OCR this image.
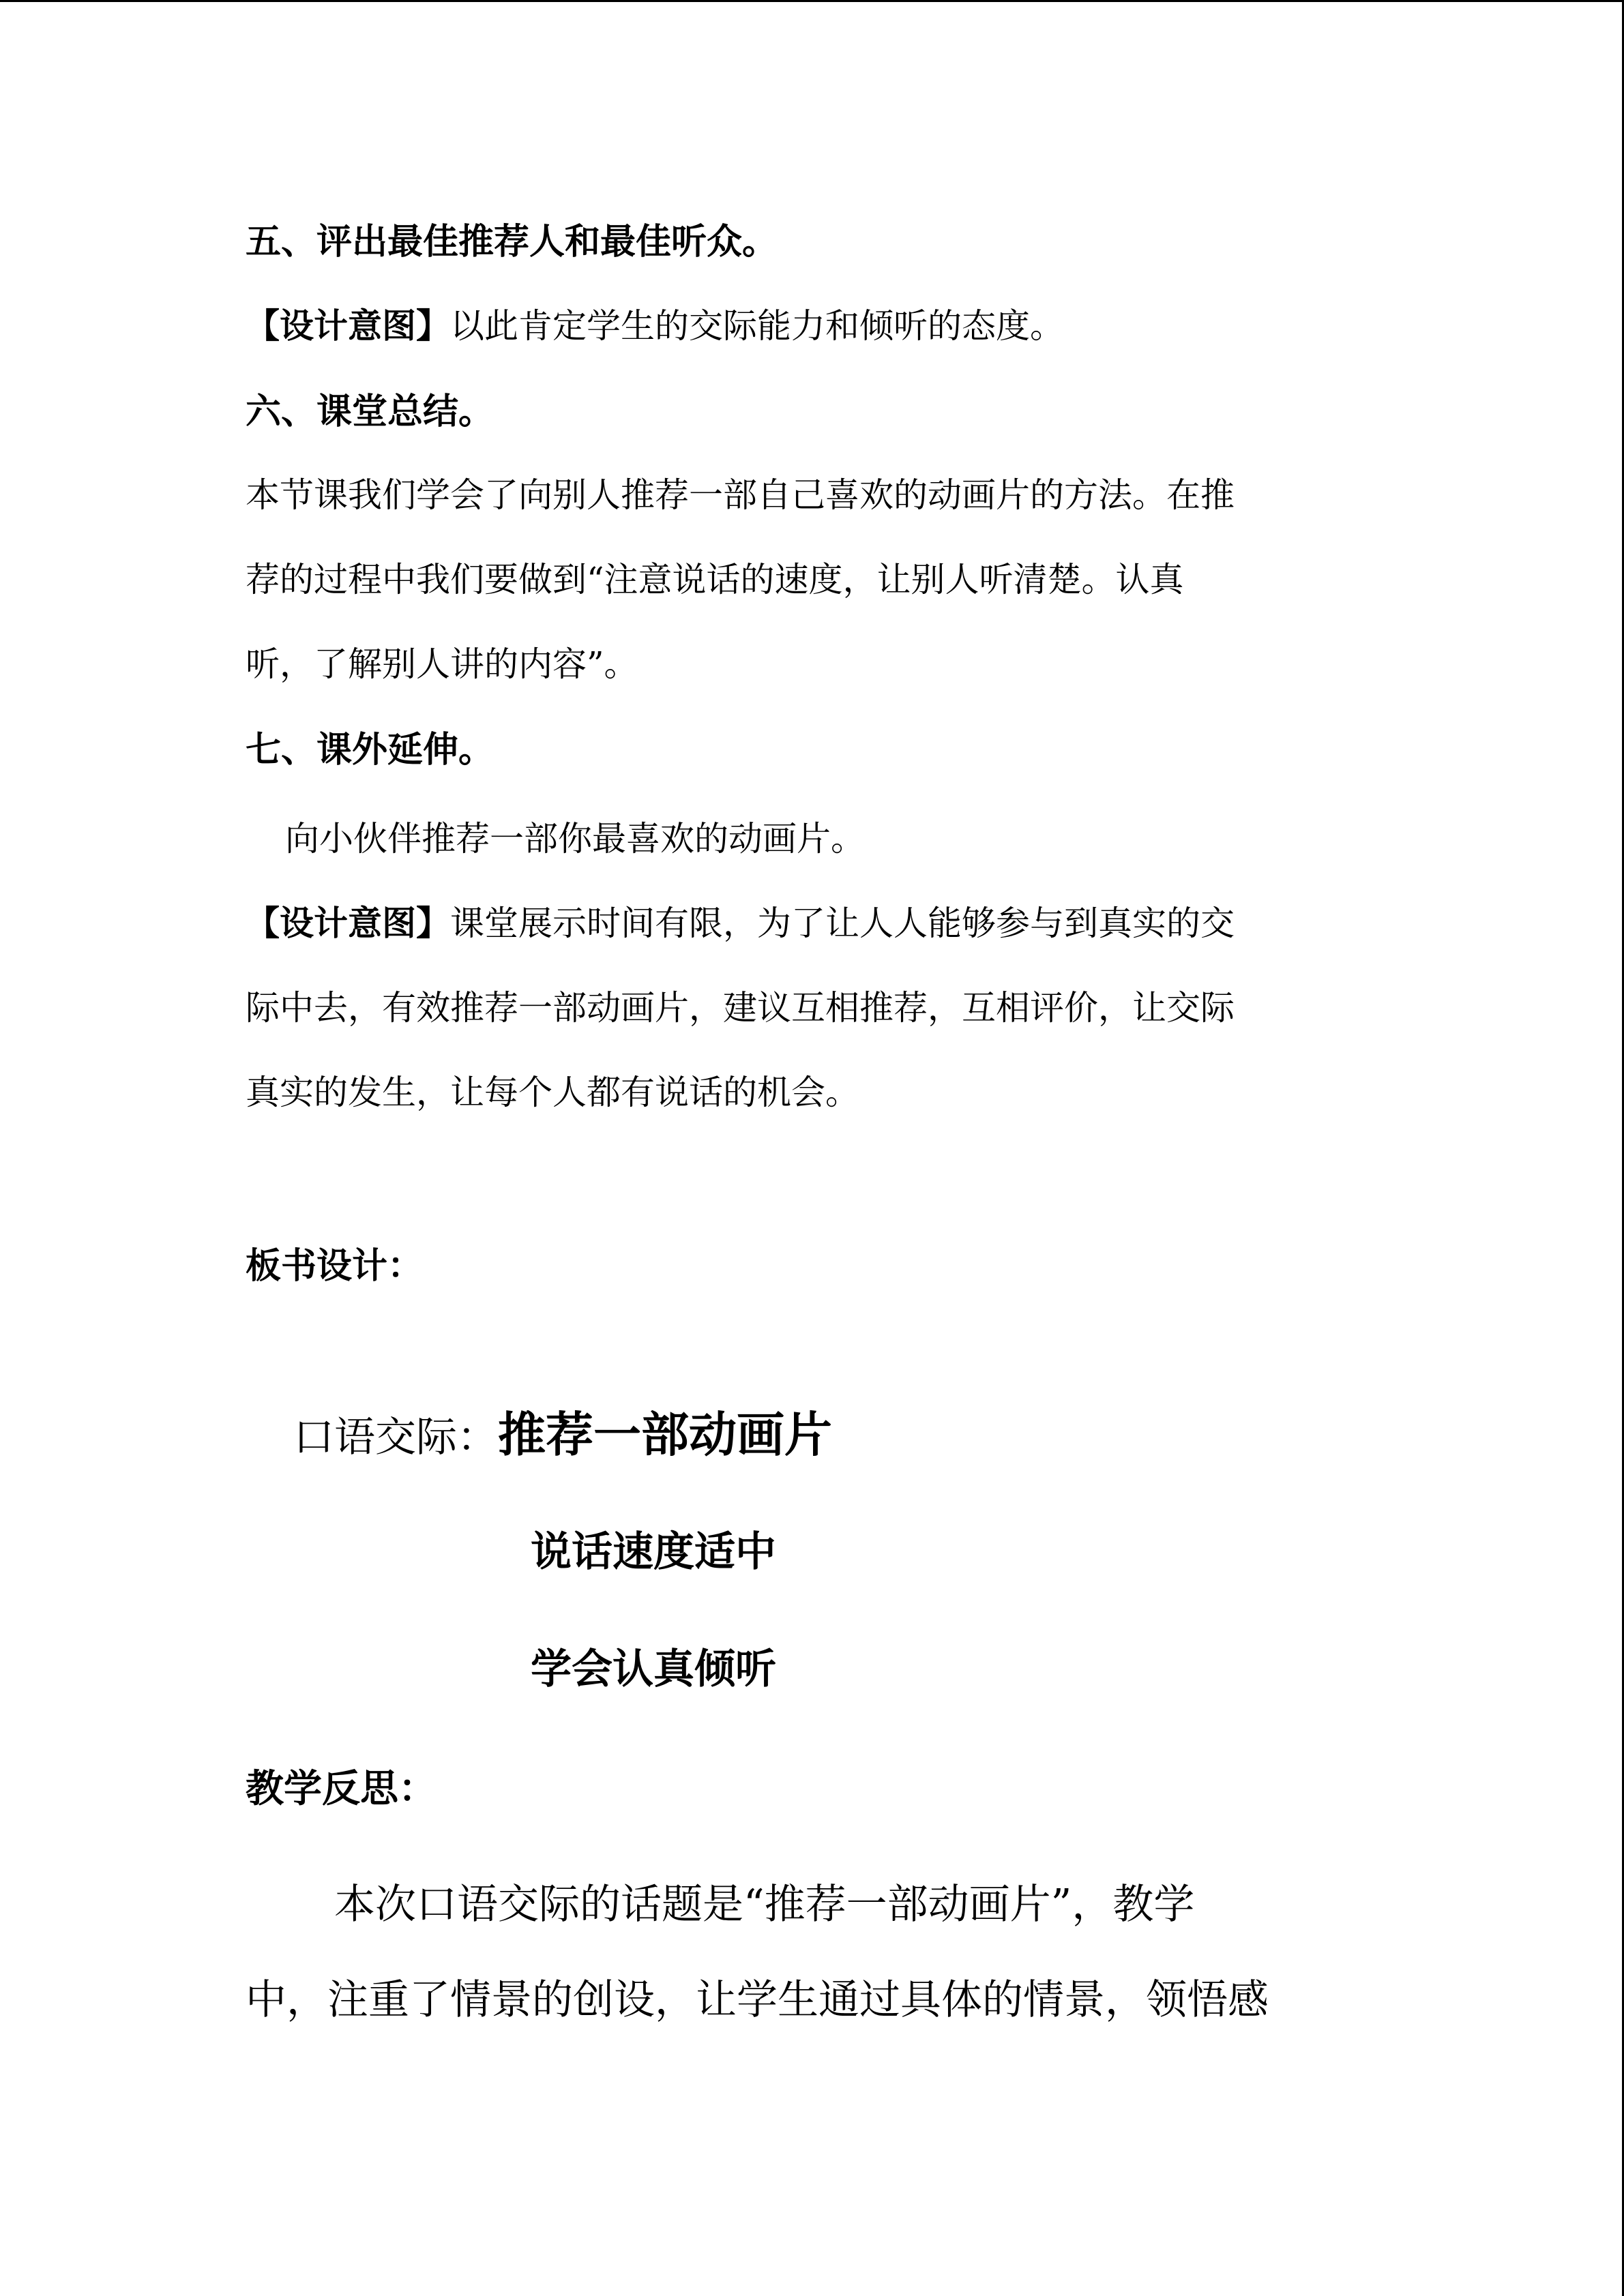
五、评出最佳推荐人和最佳听众。
【设计意图】以此肯定学生的交际能力和倾听的态度。
六、课堂总结。
本节课我们学会了向别人推荐一部自己喜欢的动画片的方法。在推
荐的过程中我们要做到“注意说话的速度，让别人听清楚。认真
听，了解别人讲的内容”。
七、课外延伸。
向小伙伴推荐一部你最喜欢的动画片。
【设计意图】课堂展示时间有限，为了让人人能够参与到真实的交
际中去，有效推荐一部动画片，建议互相推荐，互相评价，让交际
真实的发生，让每个人都有说话的机会。
板书设计：
口语交际：推荐一部动画片
说话速度适中
学会认真倾听
教学反思：
本次口语交际的话题是“推荐一部动画片”，教学
中，注重了情景的创设，让学生通过具体的情景，领悟感
